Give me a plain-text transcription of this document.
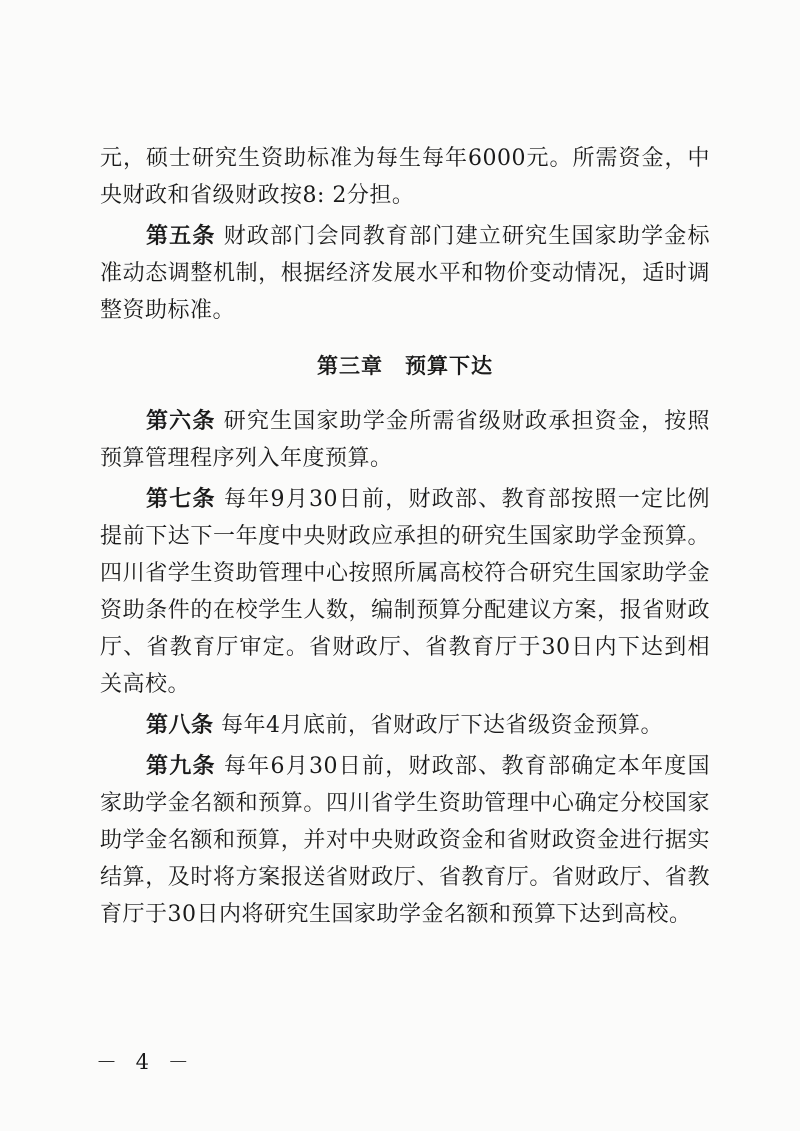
元，硕士研究生资助标准为每生每年6000元。所需资金，中央财政和省级财政按8: 2分担。

第五条 财政部门会同教育部门建立研究生国家助学金标准动态调整机制，根据经济发展水平和物价变动情况，适时调整资助标准。

第三章　预算下达

第六条 研究生国家助学金所需省级财政承担资金，按照预算管理程序列入年度预算。

第七条 每年9月30日前，财政部、教育部按照一定比例提前下达下一年度中央财政应承担的研究生国家助学金预算。四川省学生资助管理中心按照所属高校符合研究生国家助学金资助条件的在校学生人数，编制预算分配建议方案，报省财政厅、省教育厅审定。省财政厅、省教育厅于30日内下达到相关高校。

第八条 每年4月底前，省财政厅下达省级资金预算。

第九条 每年6月30日前，财政部、教育部确定本年度国家助学金名额和预算。四川省学生资助管理中心确定分校国家助学金名额和预算，并对中央财政资金和省财政资金进行据实结算，及时将方案报送省财政厅、省教育厅。省财政厅、省教育厅于30日内将研究生国家助学金名额和预算下达到高校。

－ 4 －
